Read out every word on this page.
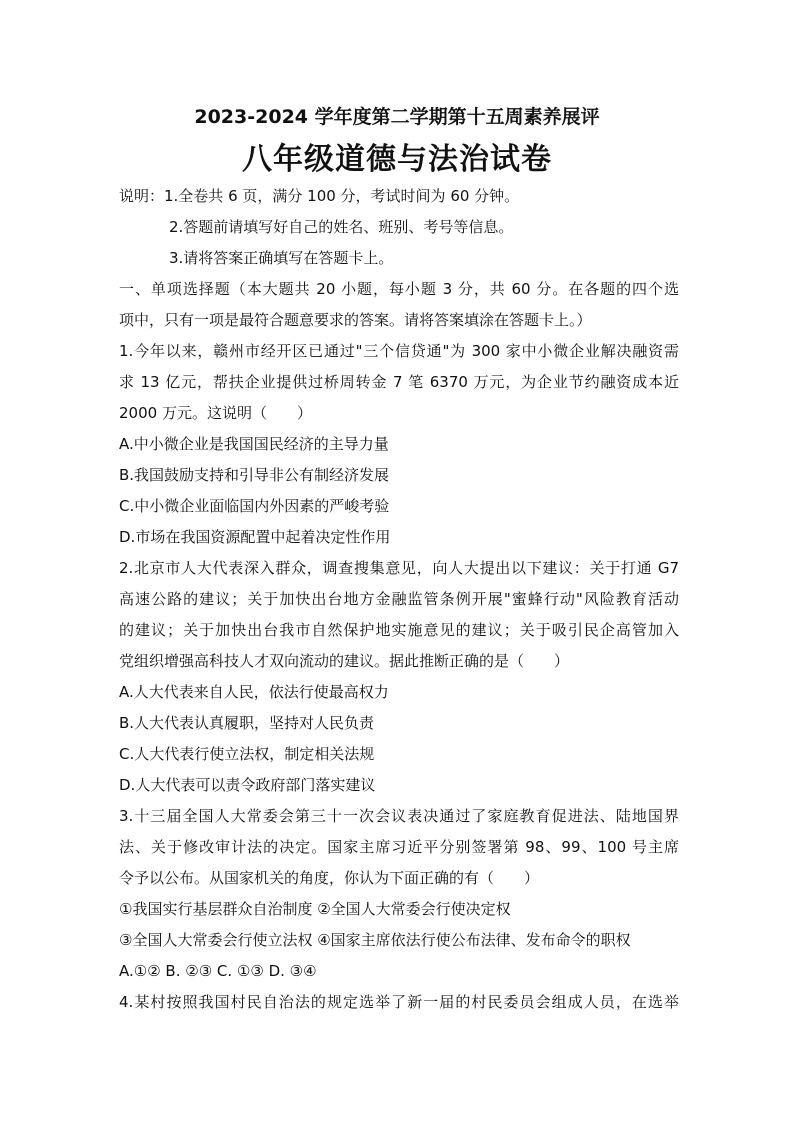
2023-2024 学年度第二学期第十五周素养展评
八年级道德与法治试卷
说明：1.全卷共 6 页，满分 100 分，考试时间为 60 分钟。
2.答题前请填写好自己的姓名、班别、考号等信息。
3.请将答案正确填写在答题卡上。
一、单项选择题（本大题共 20 小题，每小题 3 分，共 60 分。在各题的四个选
项中，只有一项是最符合题意要求的答案。请将答案填涂在答题卡上。）
1.今年以来，赣州市经开区已通过"三个信贷通"为 300 家中小微企业解决融资需
求 13 亿元，帮扶企业提供过桥周转金 7 笔 6370 万元，为企业节约融资成本近
2000 万元。这说明（　　）
A.中小微企业是我国国民经济的主导力量
B.我国鼓励支持和引导非公有制经济发展
C.中小微企业面临国内外因素的严峻考验
D.市场在我国资源配置中起着决定性作用
2.北京市人大代表深入群众，调查搜集意见，向人大提出以下建议：关于打通 G7
高速公路的建议；关于加快出台地方金融监管条例开展"蜜蜂行动"风险教育活动
的建议；关于加快出台我市自然保护地实施意见的建议；关于吸引民企高管加入
党组织增强高科技人才双向流动的建议。据此推断正确的是（　　）
A.人大代表来自人民，依法行使最高权力
B.人大代表认真履职，坚持对人民负责
C.人大代表行使立法权，制定相关法规
D.人大代表可以责令政府部门落实建议
3.十三届全国人大常委会第三十一次会议表决通过了家庭教育促进法、陆地国界
法、关于修改审计法的决定。国家主席习近平分别签署第 98、99、100 号主席
令予以公布。从国家机关的角度，你认为下面正确的有（　　）
①我国实行基层群众自治制度 ②全国人大常委会行使决定权
③全国人大常委会行使立法权 ④国家主席依法行使公布法律、发布命令的职权
A.①② B. ②③ C. ①③ D. ③④
4.某村按照我国村民自治法的规定选举了新一届的村民委员会组成人员，在选举
